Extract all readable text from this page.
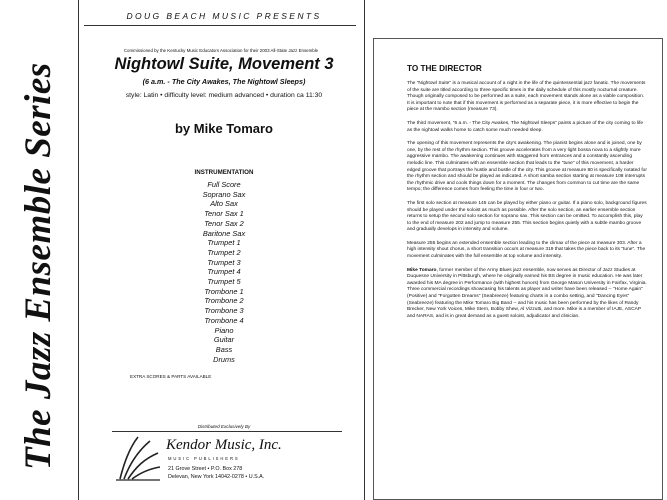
The Jazz Ensemble Series
DOUG BEACH MUSIC PRESENTS
Commissioned by the Kentucky Music Educators Association for their 2003 All-State Jazz Ensemble
Nightowl Suite, Movement 3
(6 a.m. - The City Awakes, The Nightowl Sleeps)
style: Latin • difficulty level: medium advanced • duration ca 11:30
by Mike Tomaro
INSTRUMENTATION
Full Score
Soprano Sax
Alto Sax
Tenor Sax 1
Tenor Sax 2
Baritone Sax
Trumpet 1
Trumpet 2
Trumpet 3
Trumpet 4
Trumpet 5
Trombone 1
Trombone 2
Trombone 3
Trombone 4
Piano
Guitar
Bass
Drums
EXTRA SCORES & PARTS AVAILABLE
Distributed Exclusively By
Kendor Music, Inc.
MUSIC PUBLISHERS
21 Grove Street • P.O. Box 278
Delevan, New York 14042-0278 • U.S.A.
TO THE DIRECTOR

The "Nightowl Suite" is a musical account of a night in the life of the quintessential jazz fanatic. The movements of the suite are titled according to three specific times in the daily schedule of this mostly nocturnal creature. Though originally composed to be performed as a suite, each movement stands alone as a viable composition. It is important to note that if this movement is performed as a separate piece, it is more effective to begin the piece at the mambo section (measure 73).

The third movement, "6 a.m. - The City Awakes, The Nightowl Sleeps" paints a picture of the city coming to life as the nightowl walks home to catch some much needed sleep.

The opening of this movement represents the city's awakening. The pianist begins alone and is joined, one by one, by the rest of the rhythm section. This groove accelerates from a very light bossa nova to a slightly more aggressive mambo. The awakening continues with staggered horn entrances and a constantly ascending melodic line. This culminates with an ensemble section that leads to the "tune" of this movement, a harder edged groove that portrays the hustle and bustle of the city. This groove at measure 80 is specifically notated for the rhythm section and should be played as indicated. A short samba section starting at measure 108 interrupts the rhythmic drive and cools things down for a moment. The changes from common to cut time are the same tempo; the difference comes from feeling the time in four or two.

The first solo section at measure 145 can be played by either piano or guitar. If a piano solo, background figures should be played under the soloist as much as possible. After the solo section, an earlier ensemble section returns to setup the second solo section for soprano sax. This section can be omitted. To accomplish this, play to the end of measure 202 and jump to measure 255. This section begins quietly with a subtle mambo groove and gradually develops in intensity and volume.

Measure 255 begins an extended ensemble section leading to the climax of the piece at measure 303. After a high intensity shout chorus, a short transition occurs at measure 319 that takes the piece back to its "tune". The movement culminates with the full ensemble at top volume and intensity.

Mike Tomaro, former member of the Army Blues jazz ensemble, now serves as Director of Jazz Studies at Duquesne University in Pittsburgh, where he originally earned his BS degree in music education. He was later awarded his MA degree in Performance (with highest honors) from George Mason University in Fairfax, Virginia. Three commercial recordings showcasing his talents as player and writer have been released -- "Home Again" (Positive) and "Forgotten Dreams" (Seabreeze) featuring charts in a combo setting, and "Dancing Eyes" (Seabreeze) featuring the Mike Tomaro Big Band -- and his music has been performed by the likes of Randy Brecker, New York Voices, Mike Stern, Bobby Shew, Al Vizzutti, and more. Mike is a member of IAJE, ASCAP and NARAS, and is in great demand as a guest soloist, adjudicator and clinician.
